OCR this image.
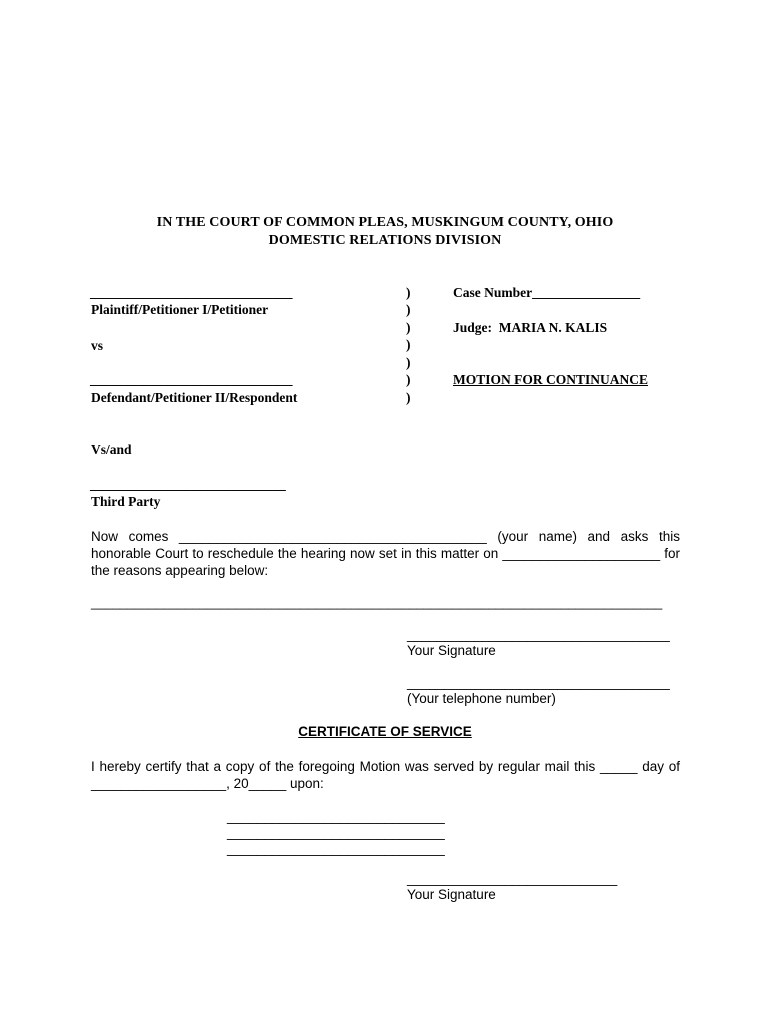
IN THE COURT OF COMMON PLEAS, MUSKINGUM COUNTY, OHIO
DOMESTIC RELATIONS DIVISION
______________________________
Plaintiff/Petitioner I/Petitioner
vs
______________________________
Defendant/Petitioner II/Respondent
)
)
)
)
)
)
)
Case Number________________
Judge:  MARIA N. KALIS
MOTION FOR CONTINUANCE
Vs/and
_____________________________
Third Party
Now comes _________________________________________ (your name) and asks this honorable Court to reschedule the hearing now set in this matter on _____________________ for the reasons appearing below:
_______________________________________________________________________________
___________________________________
Your Signature
___________________________________
(Your telephone number)
CERTIFICATE OF SERVICE
I hereby certify that a copy of the foregoing Motion was served by regular mail this _____ day of __________________, 20_____ upon:
_____________________________
_____________________________
_____________________________
____________________________
Your Signature
